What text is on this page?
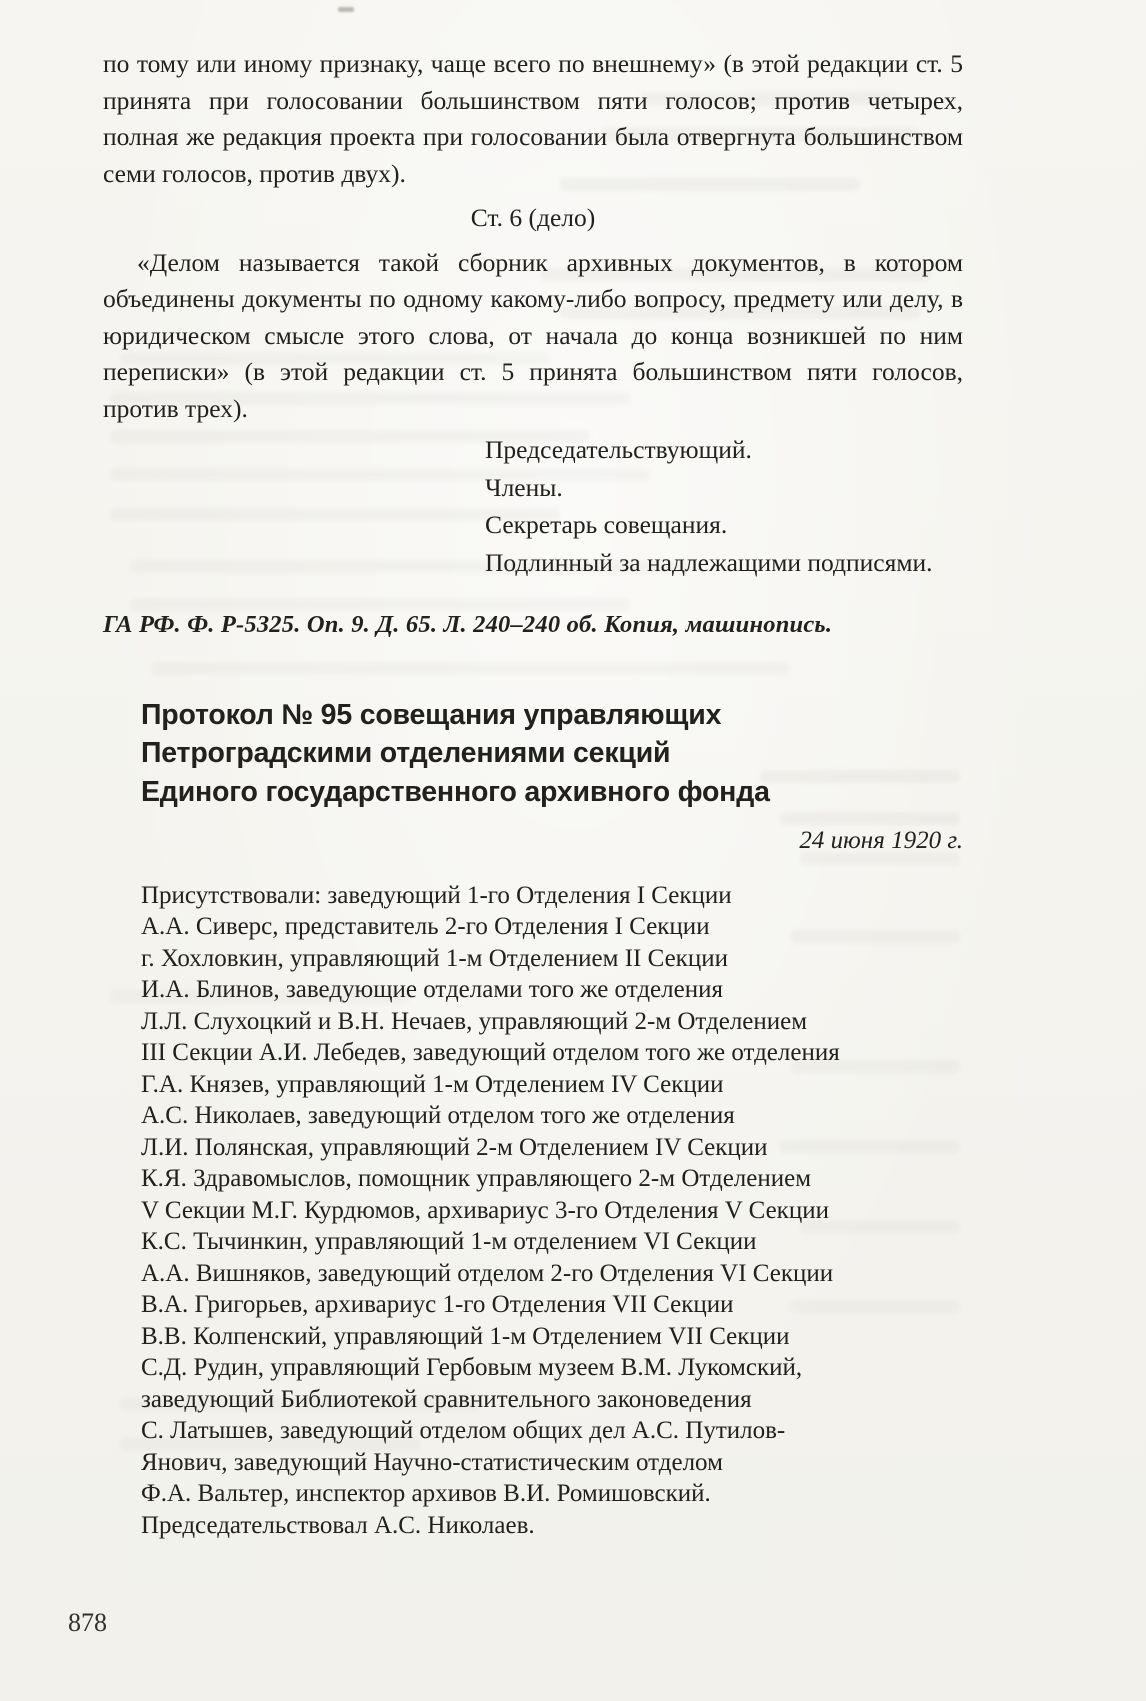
по тому или иному признаку, чаще всего по внешнему» (в этой редакции ст. 5 принята при голосовании большинством пяти голосов; против четырех, полная же редакция проекта при голосовании была отвергнута большинством семи голосов, против двух).

Ст. 6 (дело)

«Делом называется такой сборник архивных документов, в котором объединены документы по одному какому-либо вопросу, предмету или делу, в юридическом смысле этого слова, от начала до конца возникшей по ним переписки» (в этой редакции ст. 5 принята большинством пяти голосов, против трех).

Председательствующий.
Члены.
Секретарь совещания.
Подлинный за надлежащими подписями.
ГА РФ. Ф. Р-5325. Оп. 9. Д. 65. Л. 240–240 об. Копия, машинопись.
Протокол № 95 совещания управляющих
Петроградскими отделениями секций
Единого государственного архивного фонда
24 июня 1920 г.
Присутствовали: заведующий 1-го Отделения I Секции
А.А. Сиверс, представитель 2-го Отделения I Секции
г. Хохловкин, управляющий 1-м Отделением II Секции
И.А. Блинов, заведующие отделами того же отделения
Л.Л. Слухоцкий и В.Н. Нечаев, управляющий 2-м Отделением
III Секции А.И. Лебедев, заведующий отделом того же отделения
Г.А. Князев, управляющий 1-м Отделением IV Секции
А.С. Николаев, заведующий отделом того же отделения
Л.И. Полянская, управляющий 2-м Отделением IV Секции
К.Я. Здравомыслов, помощник управляющего 2-м Отделением
V Секции М.Г. Курдюмов, архивариус 3-го Отделения V Секции
К.С. Тычинкин, управляющий 1-м отделением VI Секции
А.А. Вишняков, заведующий отделом 2-го Отделения VI Секции
В.А. Григорьев, архивариус 1-го Отделения VII Секции
В.В. Колпенский, управляющий 1-м Отделением VII Секции
С.Д. Рудин, управляющий Гербовым музеем В.М. Лукомский,
заведующий Библиотекой сравнительного законоведения
С. Латышев, заведующий отделом общих дел А.С. Путилов-
Янович, заведующий Научно-статистическим отделом
Ф.А. Вальтер, инспектор архивов В.И. Ромишовский.
Председательствовал А.С. Николаев.
878
